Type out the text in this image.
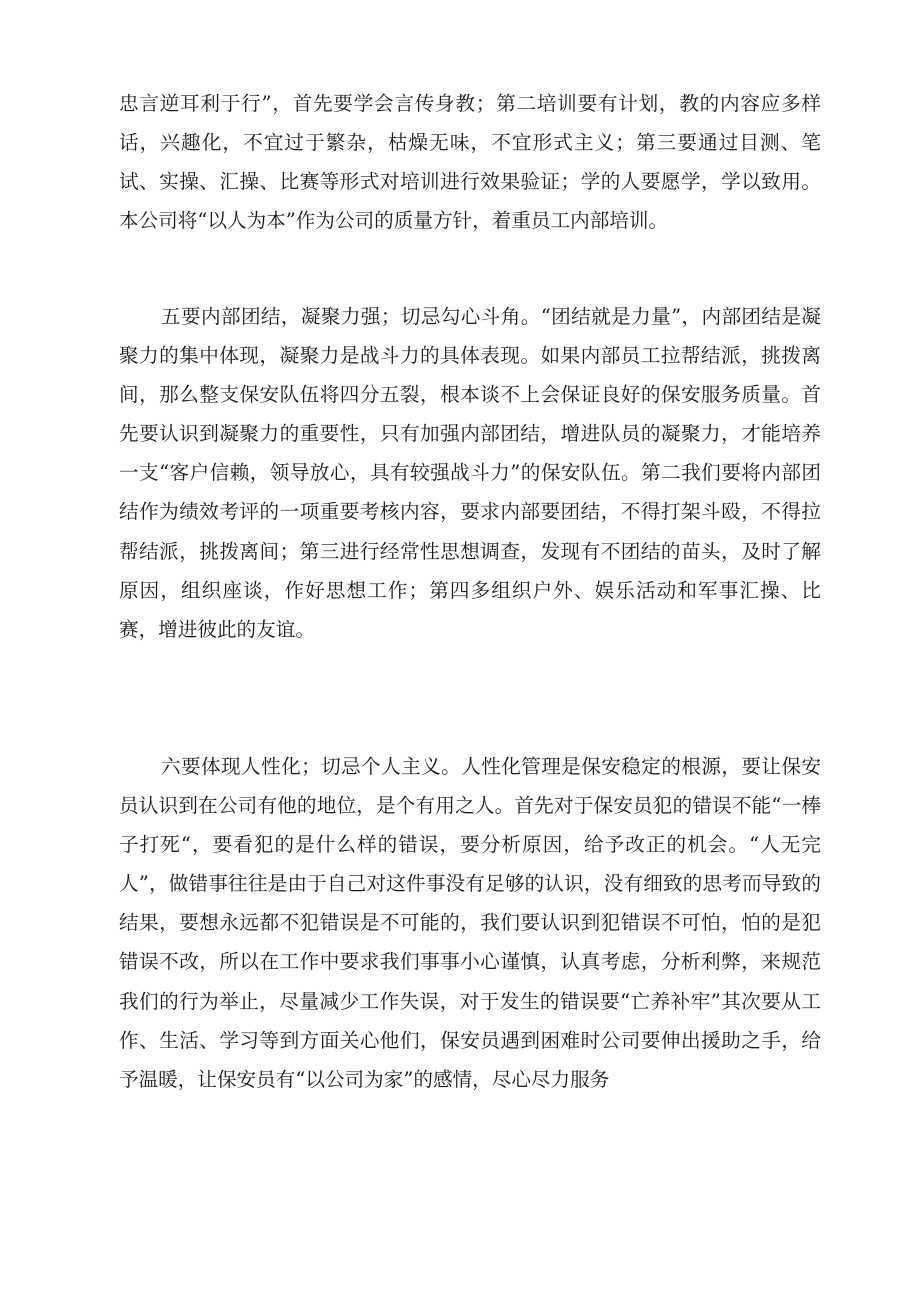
忠言逆耳利于行”，首先要学会言传身教；第二培训要有计划，教的内容应多样话，兴趣化，不宜过于繁杂，枯燥无味，不宜形式主义；第三要通过目测、笔试、实操、汇操、比赛等形式对培训进行效果验证；学的人要愿学，学以致用。本公司将“以人为本”作为公司的质量方针，着重员工内部培训。

五要内部团结，凝聚力强；切忌勾心斗角。“团结就是力量”，内部团结是凝聚力的集中体现，凝聚力是战斗力的具体表现。如果内部员工拉帮结派，挑拨离间，那么整支保安队伍将四分五裂，根本谈不上会保证良好的保安服务质量。首先要认识到凝聚力的重要性，只有加强内部团结，增进队员的凝聚力，才能培养一支“客户信赖，领导放心，具有较强战斗力”的保安队伍。第二我们要将内部团结作为绩效考评的一项重要考核内容，要求内部要团结，不得打架斗殴，不得拉帮结派，挑拨离间；第三进行经常性思想调查，发现有不团结的苗头，及时了解原因，组织座谈，作好思想工作；第四多组织户外、娱乐活动和军事汇操、比赛，增进彼此的友谊。

六要体现人性化；切忌个人主义。人性化管理是保安稳定的根源，要让保安员认识到在公司有他的地位，是个有用之人。首先对于保安员犯的错误不能“一棒子打死“，要看犯的是什么样的错误，要分析原因，给予改正的机会。“人无完人”，做错事往往是由于自己对这件事没有足够的认识，没有细致的思考而导致的结果，要想永远都不犯错误是不可能的，我们要认识到犯错误不可怕，怕的是犯错误不改，所以在工作中要求我们事事小心谨慎，认真考虑，分析利弊，来规范我们的行为举止，尽量减少工作失误，对于发生的错误要“亡养补牢”其次要从工作、生活、学习等到方面关心他们，保安员遇到困难时公司要伸出援助之手，给予温暖，让保安员有“以公司为家”的感情，尽心尽力服务
